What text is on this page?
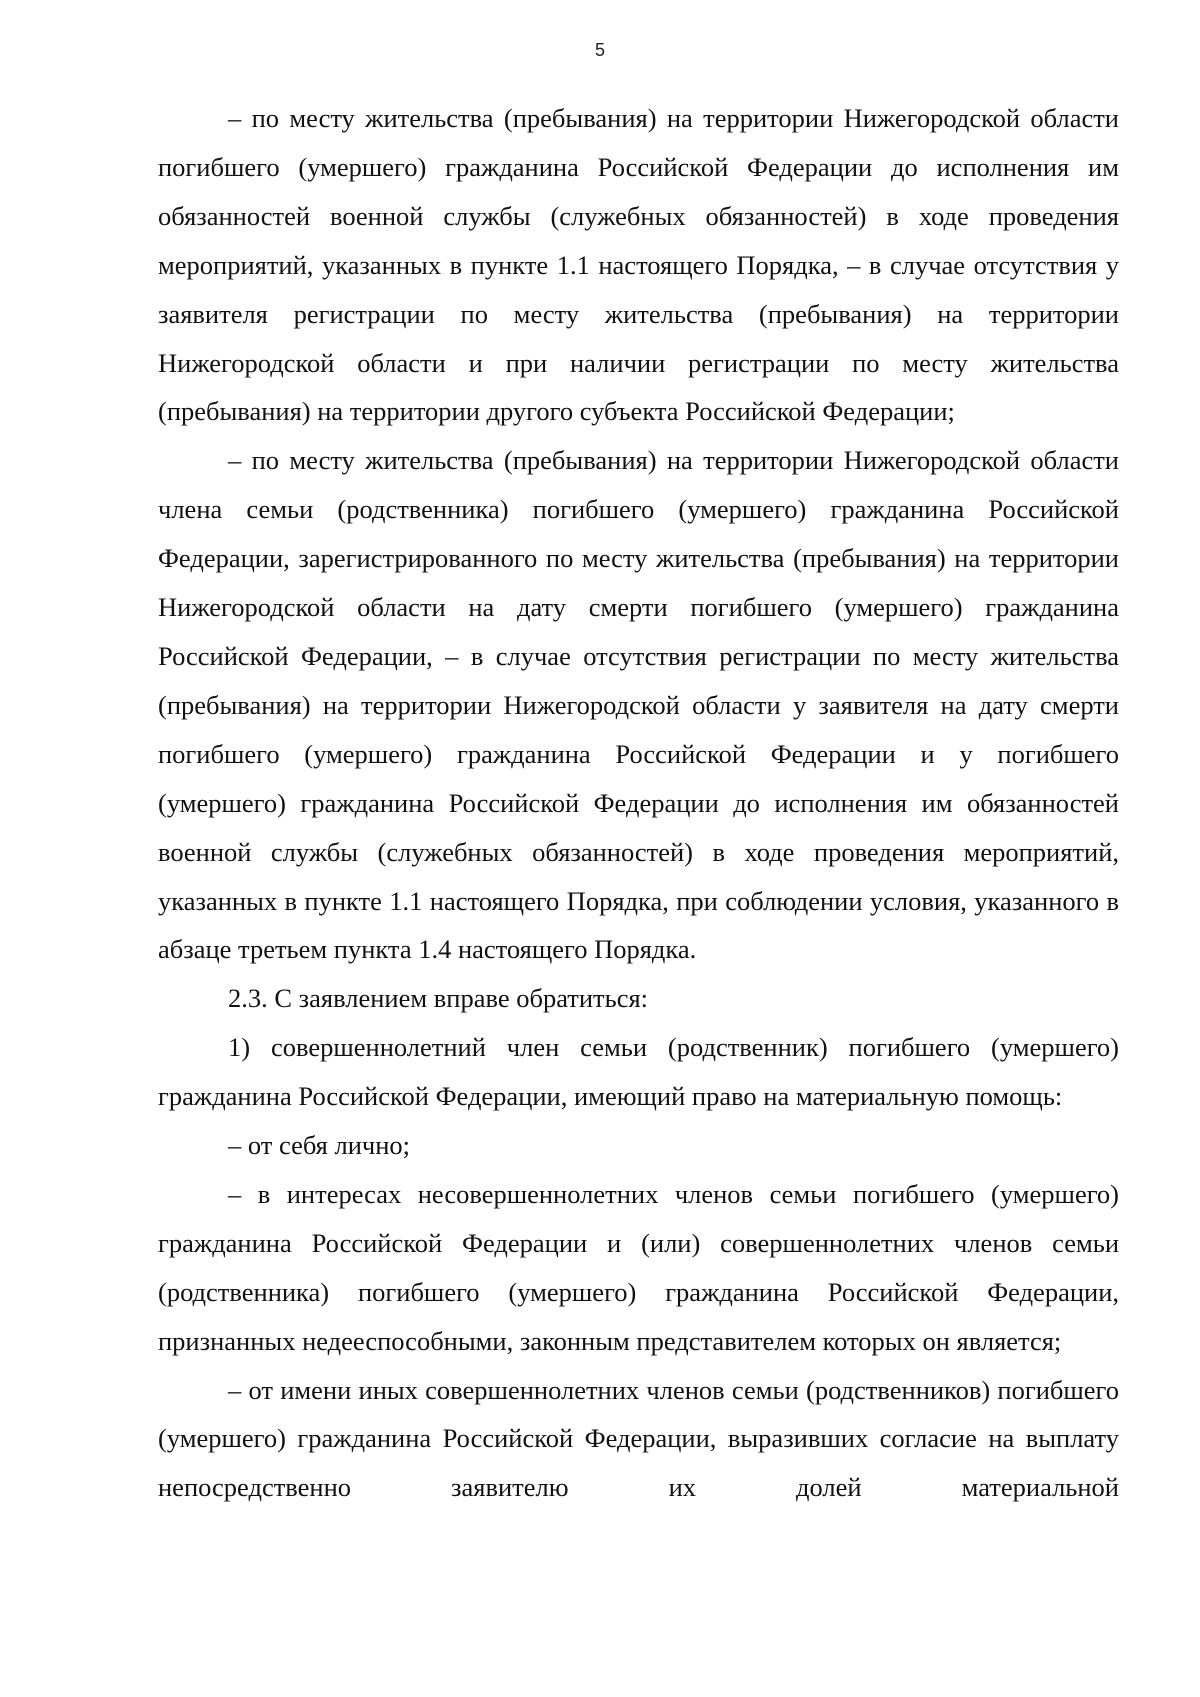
5

– по месту жительства (пребывания) на территории Нижегородской области погибшего (умершего) гражданина Российской Федерации до исполнения им обязанностей военной службы (служебных обязанностей) в ходе проведения мероприятий, указанных в пункте 1.1 настоящего Порядка, – в случае отсутствия у заявителя регистрации по месту жительства (пребывания) на территории Нижегородской области и при наличии регистрации по месту жительства (пребывания) на территории другого субъекта Российской Федерации;

– по месту жительства (пребывания) на территории Нижегородской области члена семьи (родственника) погибшего (умершего) гражданина Российской Федерации, зарегистрированного по месту жительства (пребывания) на территории Нижегородской области на дату смерти погибшего (умершего) гражданина Российской Федерации, – в случае отсутствия регистрации по месту жительства (пребывания) на территории Нижегородской области у заявителя на дату смерти погибшего (умершего) гражданина Российской Федерации и у погибшего (умершего) гражданина Российской Федерации до исполнения им обязанностей военной службы (служебных обязанностей) в ходе проведения мероприятий, указанных в пункте 1.1 настоящего Порядка, при соблюдении условия, указанного в абзаце третьем пункта 1.4 настоящего Порядка.

2.3. С заявлением вправе обратиться:

1) совершеннолетний член семьи (родственник) погибшего (умершего) гражданина Российской Федерации, имеющий право на материальную помощь:

– от себя лично;

– в интересах несовершеннолетних членов семьи погибшего (умершего) гражданина Российской Федерации и (или) совершеннолетних членов семьи (родственника) погибшего (умершего) гражданина Российской Федерации, признанных недееспособными, законным представителем которых он является;

– от имени иных совершеннолетних членов семьи (родственников) погибшего (умершего) гражданина Российской Федерации, выразивших согласие на выплату непосредственно заявителю их долей материальной
